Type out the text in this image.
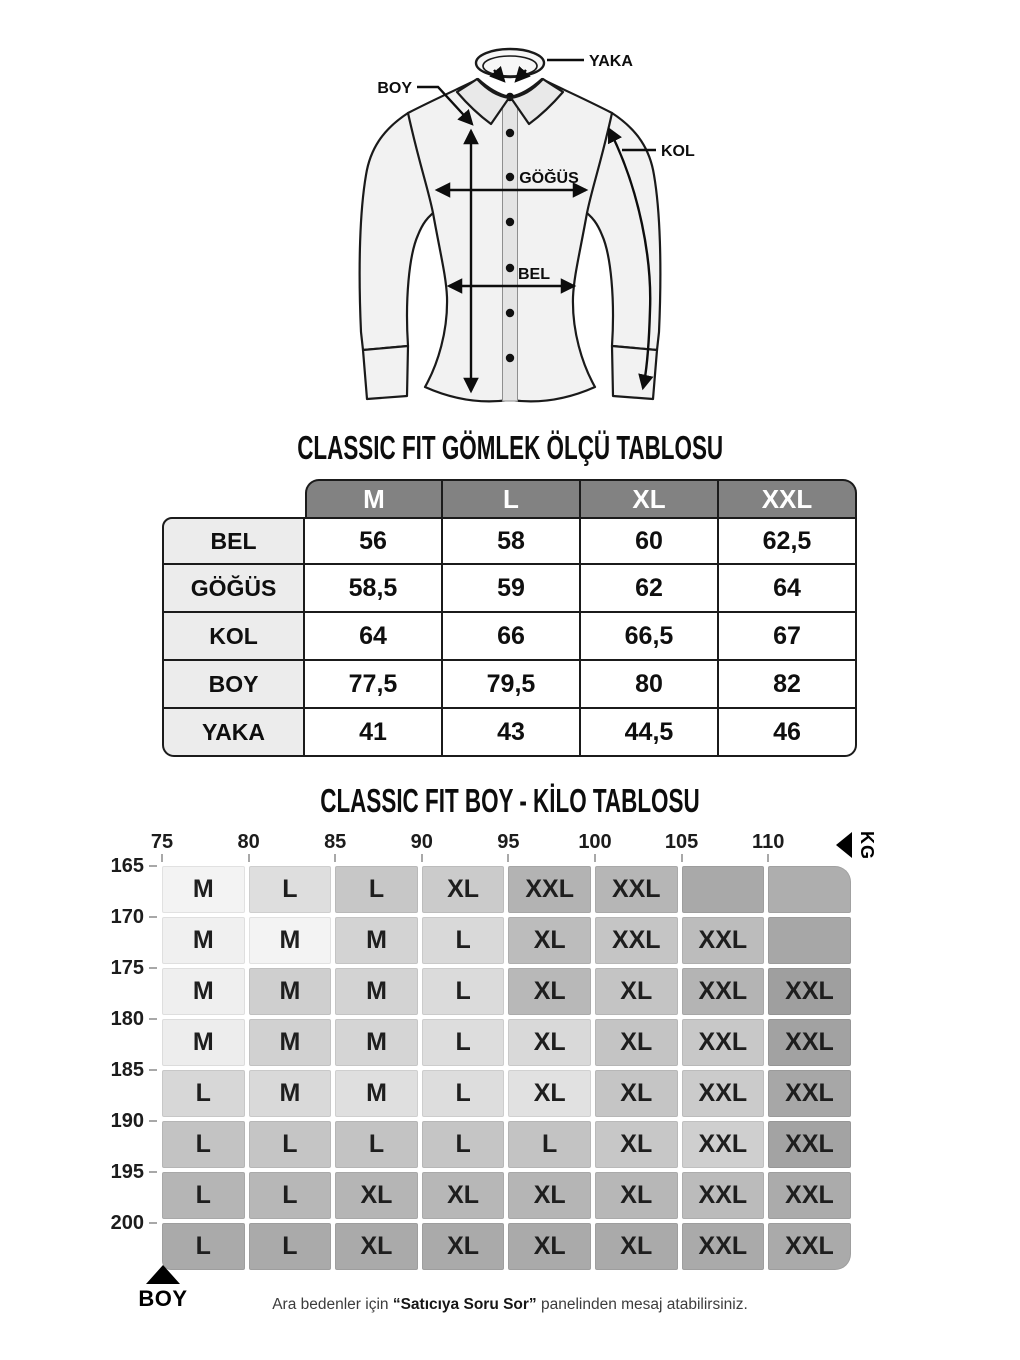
YAKA
BOY
KOL
GÖĞÜS
BEL
CLASSIC FIT GÖMLEK ÖLÇÜ TABLOSU
M	L	XL	XXL
BEL	56	58	60	62,5
GÖĞÜS	58,5	59	62	64
KOL	64	66	66,5	67
BOY	77,5	79,5	80	82
YAKA	41	43	44,5	46
CLASSIC FIT BOY - KİLO TABLOSU
75	80	85	90	95	100	105	110
165
170
175
180
185
190
195
200
KG
BOY
M	L	L	XL	XXL	XXL
M	M	M	L	XL	XXL	XXL
M	M	M	L	XL	XL	XXL	XXL
M	M	M	L	XL	XL	XXL	XXL
L	M	M	L	XL	XL	XXL	XXL
L	L	L	L	L	XL	XXL	XXL
L	L	XL	XL	XL	XL	XXL	XXL
L	L	XL	XL	XL	XL	XXL	XXL
Ara bedenler için “Satıcıya Soru Sor” panelinden mesaj atabilirsiniz.
